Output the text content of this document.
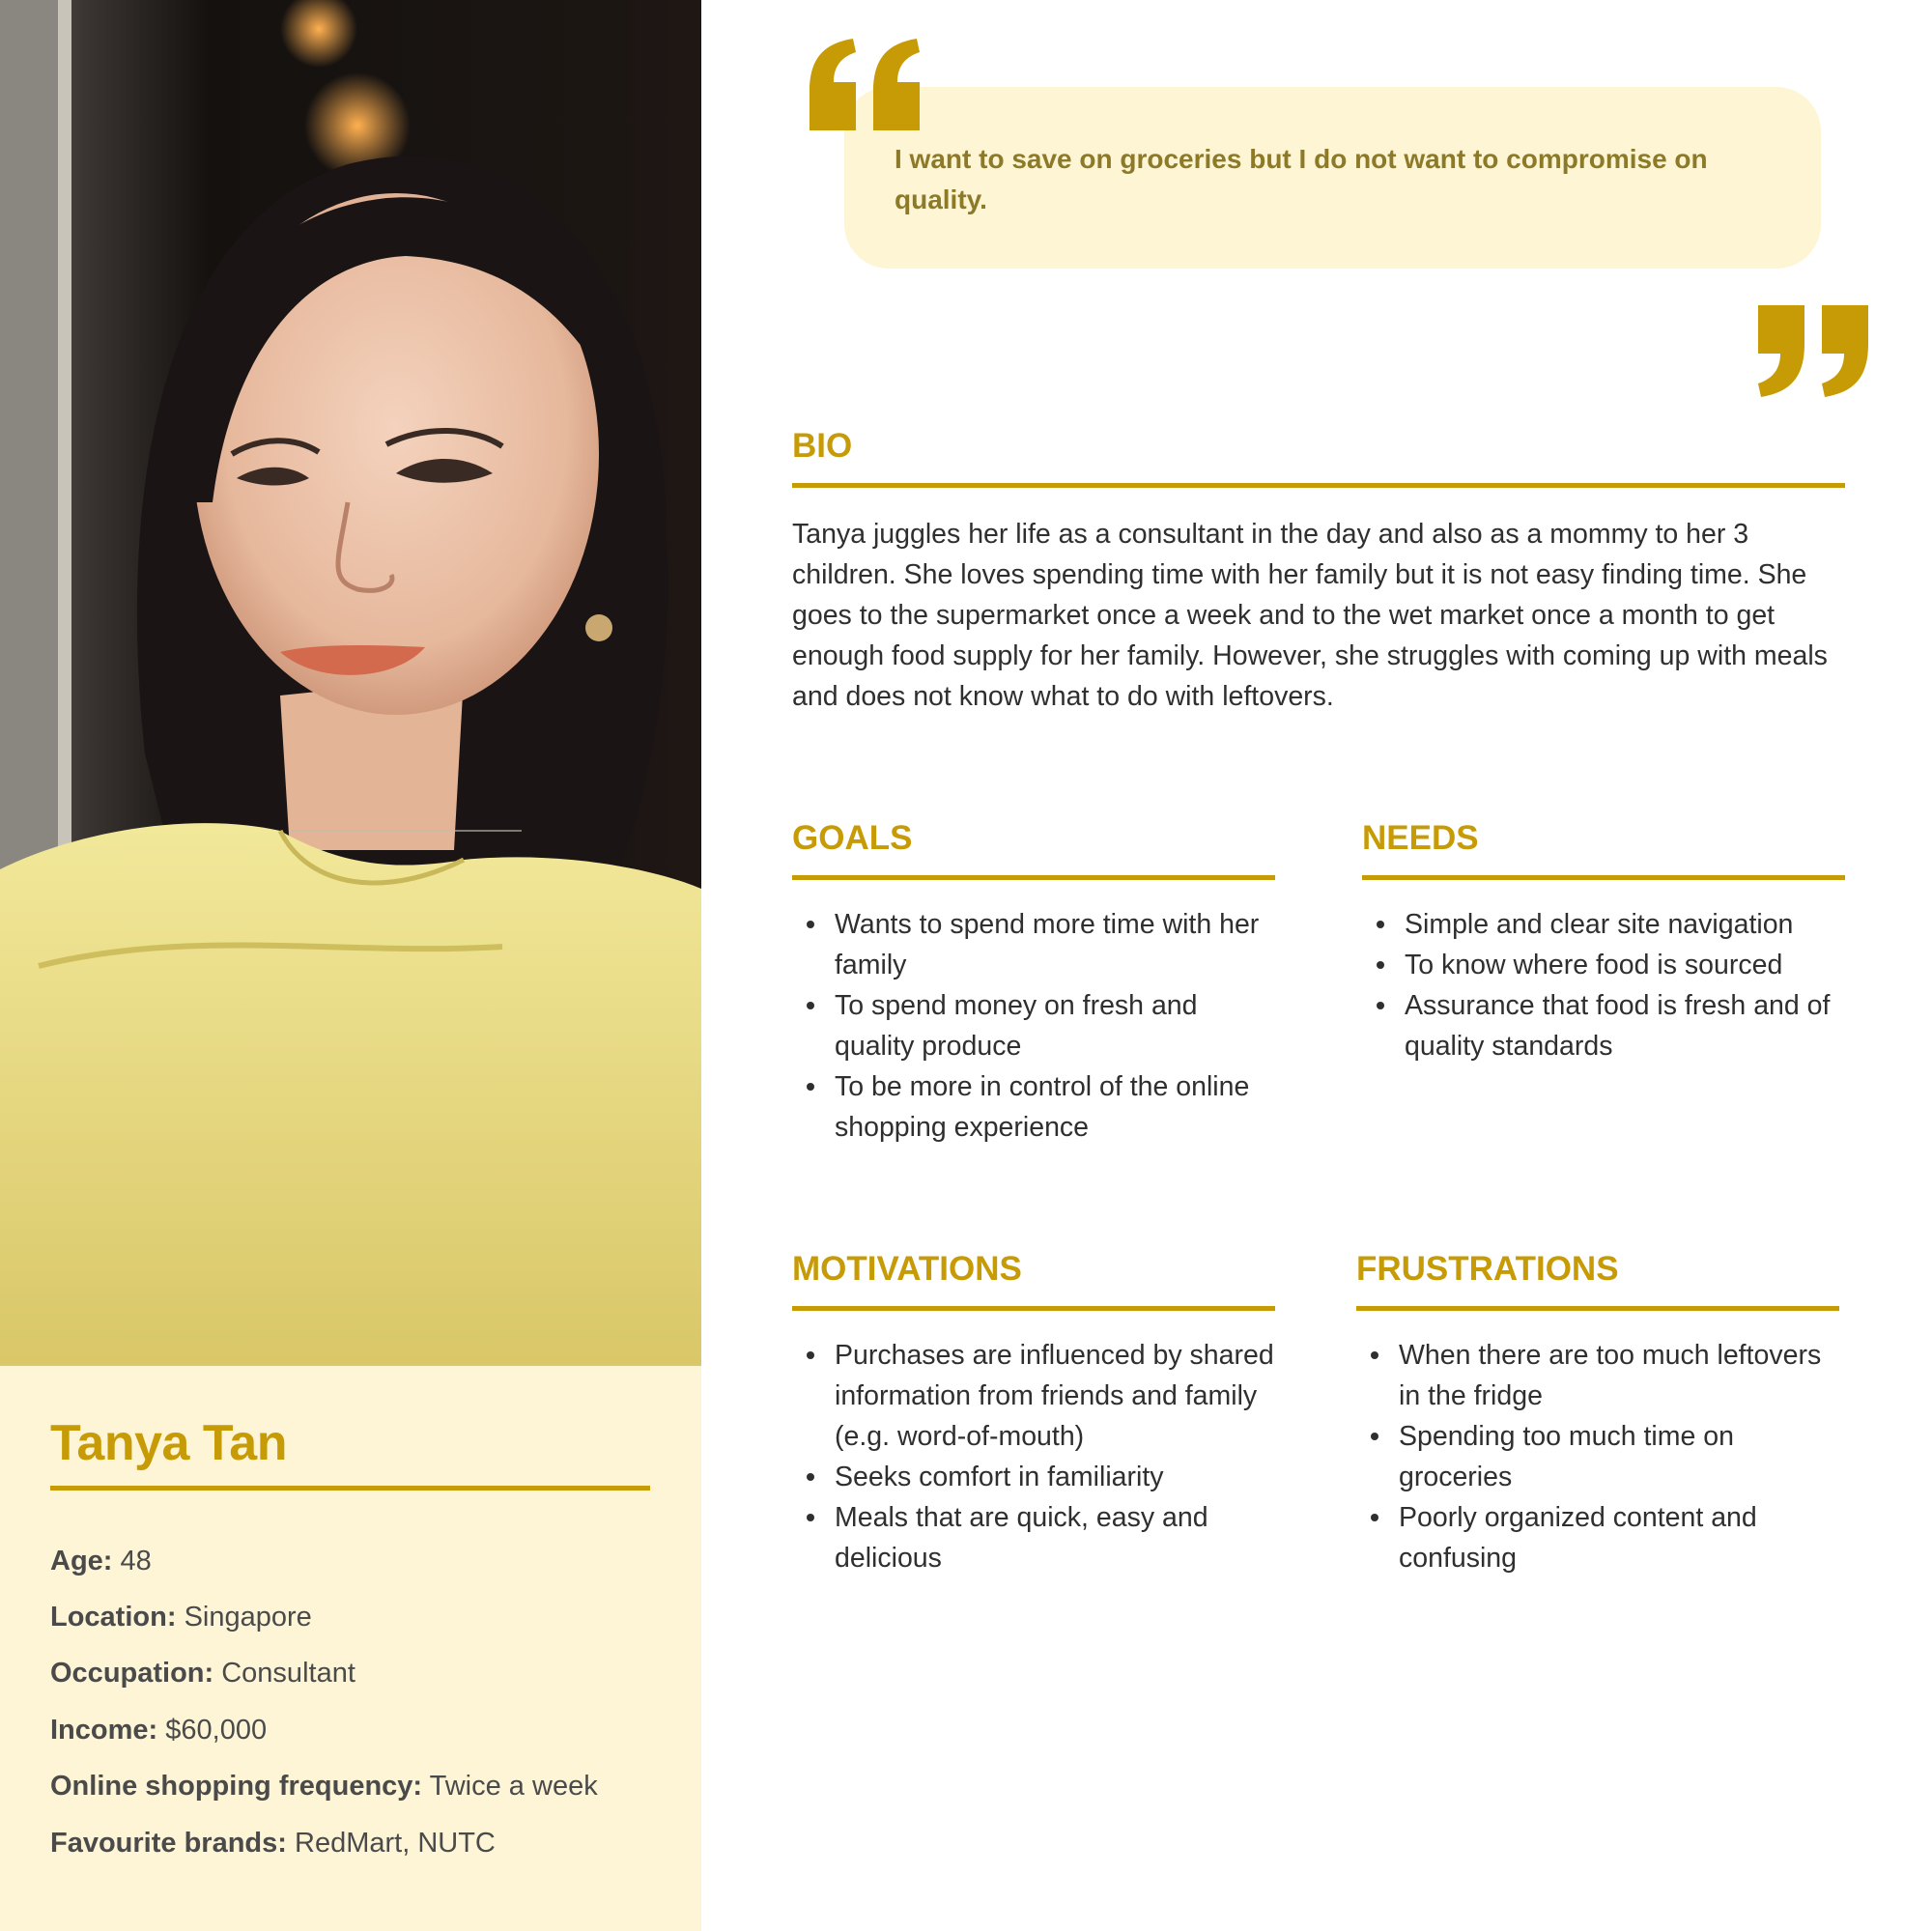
Tanya Tan
Age: 48
Location: Singapore
Occupation: Consultant
Income: $60,000
Online shopping frequency: Twice a week
Favourite brands: RedMart, NUTC
I want to save on groceries but I do not want to compromise on quality.
BIO
Tanya juggles her life as a consultant in the day and also as a mommy to her 3 children. She loves spending time with her family but it is not easy finding time. She goes to the supermarket once a week and to the wet market once a month to get enough food supply for her family. However, she struggles with coming up with meals and does not know what to do with leftovers.
GOALS
Wants to spend more time with her family
To spend money on fresh and quality produce
To be more in control of the online shopping experience
NEEDS
Simple and clear site navigation
To know where food is sourced
Assurance that food is fresh and of quality standards
MOTIVATIONS
Purchases are influenced by shared information from friends and family (e.g. word-of-mouth)
Seeks comfort in familiarity
Meals that are quick, easy and delicious
FRUSTRATIONS
When there are too much leftovers in the fridge
Spending too much time on groceries
Poorly organized content and confusing
